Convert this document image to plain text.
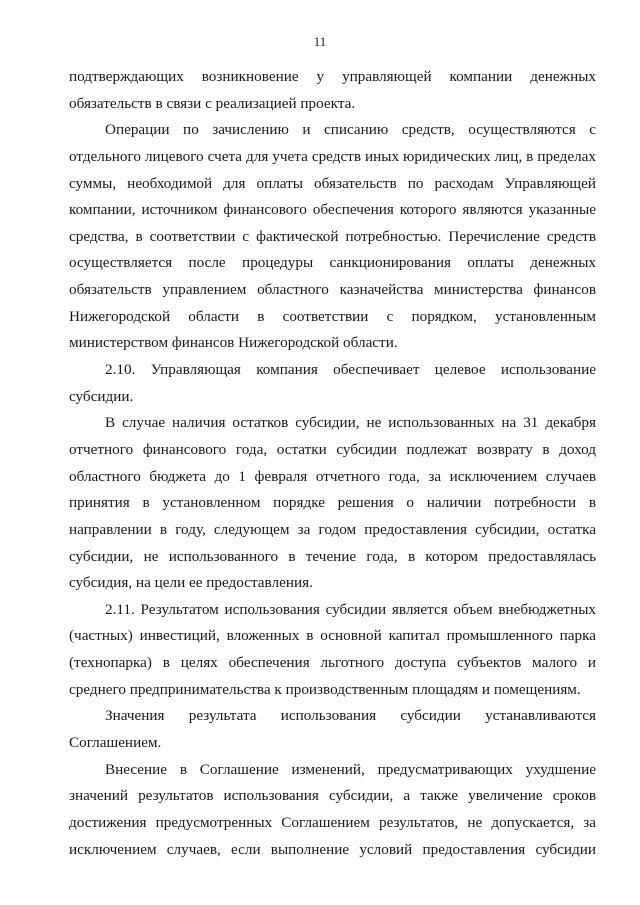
11
подтверждающих возникновение у управляющей компании денежных
обязательств в связи с реализацией проекта.
Операции по зачислению и списанию средств, осуществляются с
отдельного лицевого счета для учета средств иных юридических лиц, в пределах
суммы, необходимой для оплаты обязательств по расходам Управляющей
компании, источником финансового обеспечения которого являются указанные
средства, в соответствии с фактической потребностью. Перечисление средств
осуществляется после процедуры санкционирования оплаты денежных
обязательств управлением областного казначейства министерства финансов
Нижегородской области в соответствии с порядком, установленным
министерством финансов Нижегородской области.
2.10. Управляющая компания обеспечивает целевое использование
субсидии.
В случае наличия остатков субсидии, не использованных на 31 декабря
отчетного финансового года, остатки субсидии подлежат возврату в доход
областного бюджета до 1 февраля отчетного года, за исключением случаев
принятия в установленном порядке решения о наличии потребности в
направлении в году, следующем за годом предоставления субсидии, остатка
субсидии, не использованного в течение года, в котором предоставлялась
субсидия, на цели ее предоставления.
2.11. Результатом использования субсидии является объем внебюджетных
(частных) инвестиций, вложенных в основной капитал промышленного парка
(технопарка) в целях обеспечения льготного доступа субъектов малого и
среднего предпринимательства к производственным площадям и помещениям.
Значения результата использования субсидии устанавливаются
Соглашением.
Внесение в Соглашение изменений, предусматривающих ухудшение
значений результатов использования субсидии, а также увеличение сроков
достижения предусмотренных Соглашением результатов, не допускается, за
исключением случаев, если выполнение условий предоставления субсидии
